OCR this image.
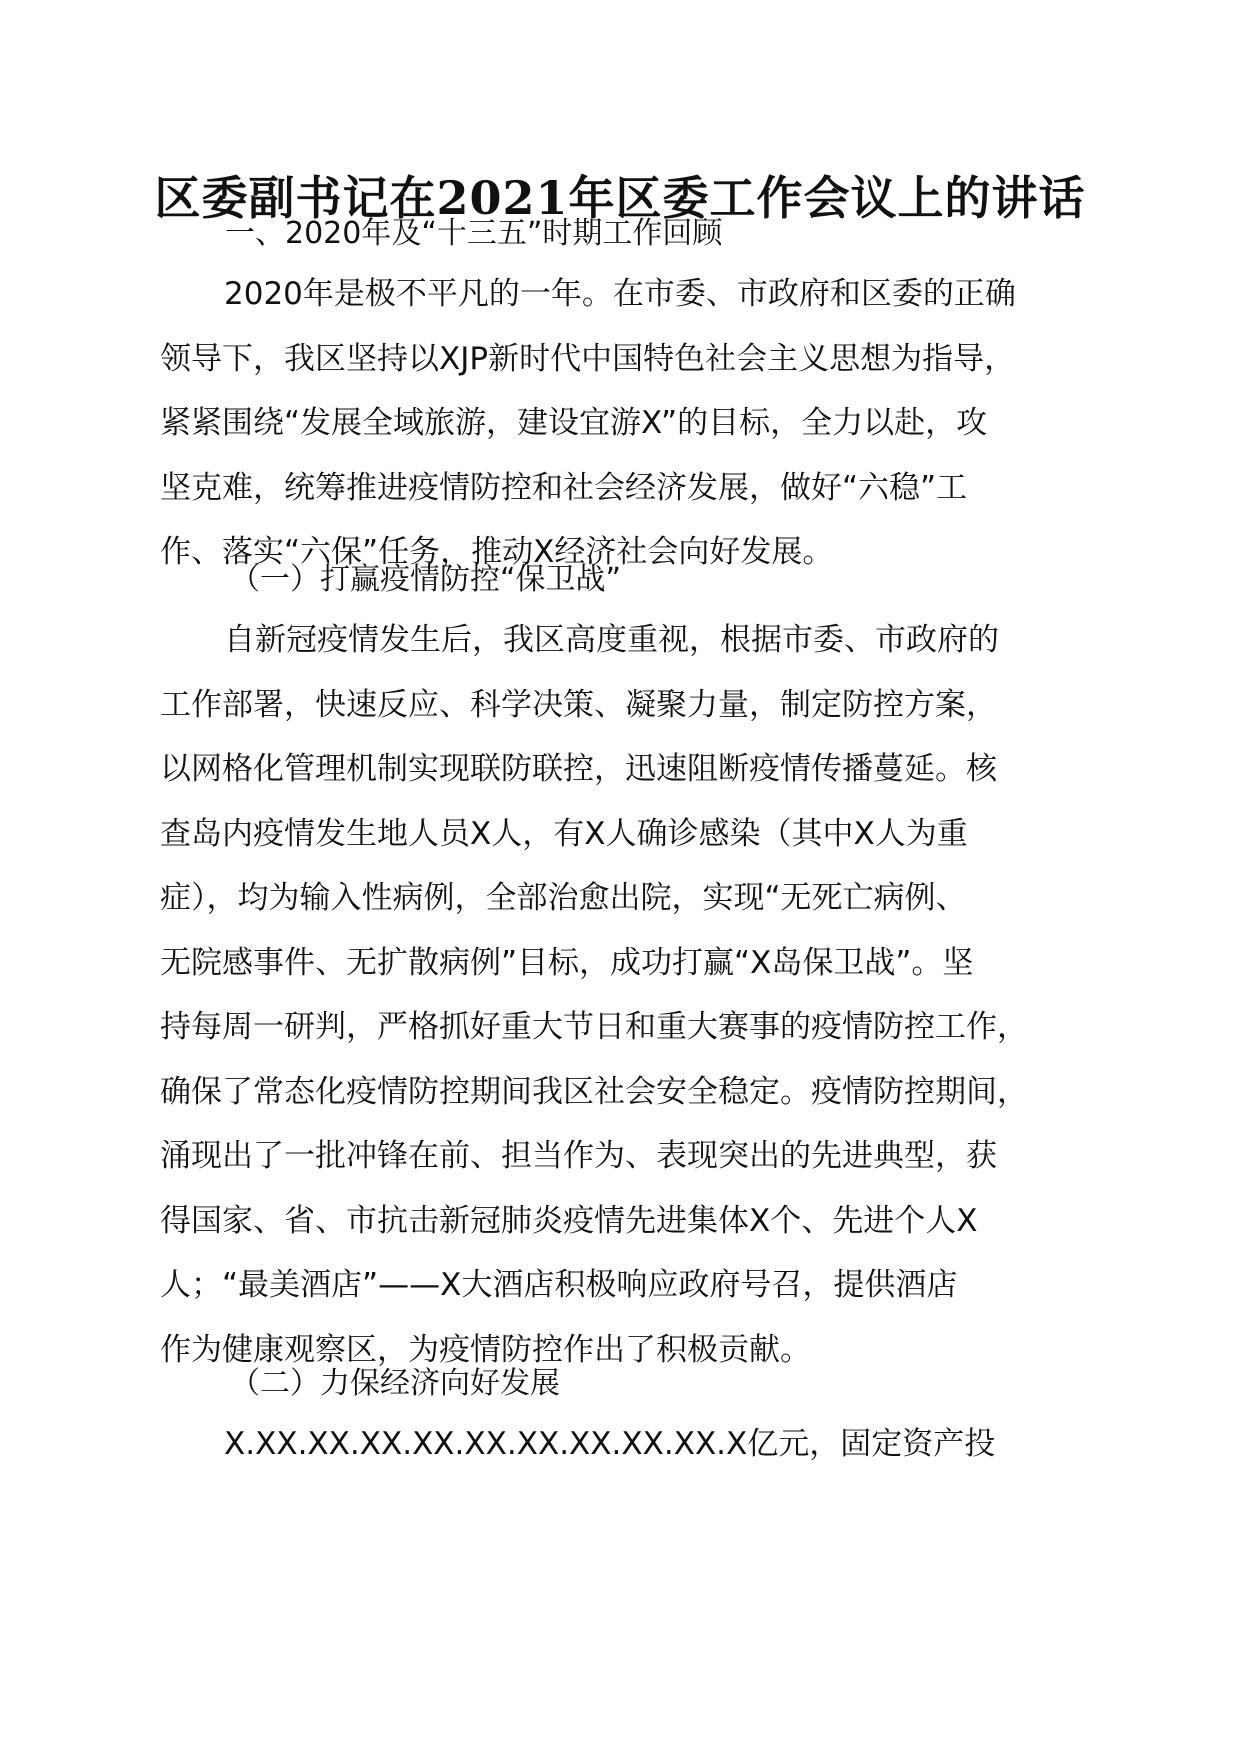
区委副书记在2021年区委工作会议上的讲话

一、2020年及“十三五”时期工作回顾

2020年是极不平凡的一年。在市委、市政府和区委的正确
领导下，我区坚持以XJP新时代中国特色社会主义思想为指导，
紧紧围绕“发展全域旅游，建设宜游X”的目标，全力以赴，攻
坚克难，统筹推进疫情防控和社会经济发展，做好“六稳”工
作、落实“六保”任务，推动X经济社会向好发展。

（一）打赢疫情防控“保卫战”

自新冠疫情发生后，我区高度重视，根据市委、市政府的
工作部署，快速反应、科学决策、凝聚力量，制定防控方案，
以网格化管理机制实现联防联控，迅速阻断疫情传播蔓延。核
查岛内疫情发生地人员X人，有X人确诊感染（其中X人为重
症），均为输入性病例，全部治愈出院，实现“无死亡病例、
无院感事件、无扩散病例”目标，成功打赢“X岛保卫战”。坚
持每周一研判，严格抓好重大节日和重大赛事的疫情防控工作，
确保了常态化疫情防控期间我区社会安全稳定。疫情防控期间，
涌现出了一批冲锋在前、担当作为、表现突出的先进典型，获
得国家、省、市抗击新冠肺炎疫情先进集体X个、先进个人X
人；“最美酒店”——X大酒店积极响应政府号召，提供酒店
作为健康观察区，为疫情防控作出了积极贡献。

（二）力保经济向好发展

X.XX.XX.XX.XX.XX.XX.XX.XX.XX.X亿元，固定资产投
